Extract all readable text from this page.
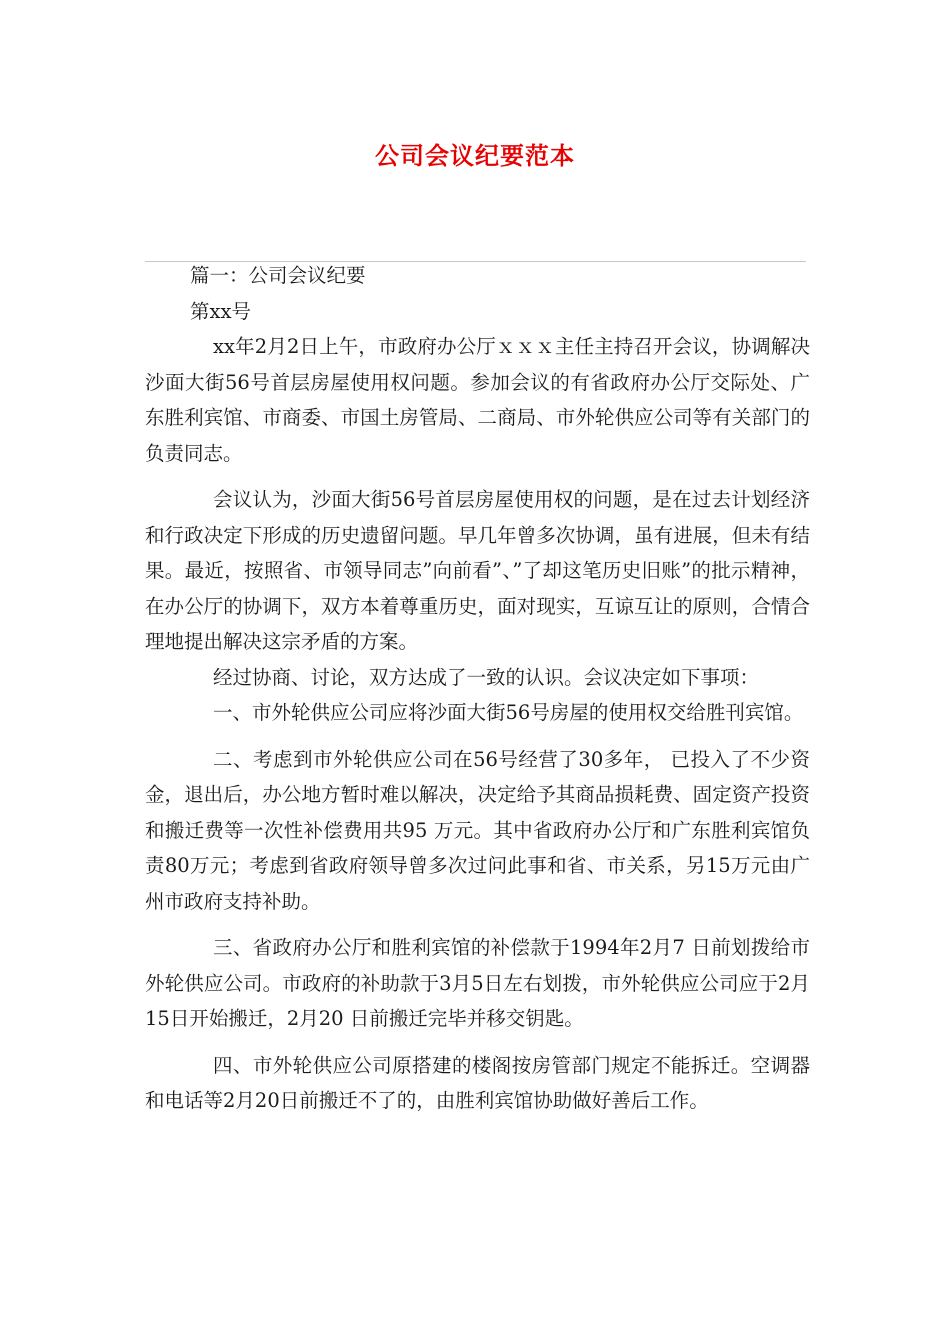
公司会议纪要范本

篇一：公司会议纪要

第xx号

xx年2月2日上午，市政府办公厅ｘｘｘ主任主持召开会议，协调解决沙面大街56号首层房屋使用权问题。参加会议的有省政府办公厅交际处、广东胜利宾馆、市商委、市国土房管局、二商局、市外轮供应公司等有关部门的负责同志。

会议认为，沙面大街56号首层房屋使用权的问题，是在过去计划经济和行政决定下形成的历史遗留问题。早几年曾多次协调，虽有进展，但未有结果。最近，按照省、市领导同志”向前看”、”了却这笔历史旧账”的批示精神，在办公厅的协调下，双方本着尊重历史，面对现实，互谅互让的原则，合情合理地提出解决这宗矛盾的方案。

经过协商、讨论，双方达成了一致的认识。会议决定如下事项：

一、市外轮供应公司应将沙面大街56号房屋的使用权交给胜刊宾馆。

二、考虑到市外轮供应公司在56号经营了30多年， 已投入了不少资金，退出后，办公地方暂时难以解决，决定给予其商品损耗费、固定资产投资和搬迁费等一次性补偿费用共95 万元。其中省政府办公厅和广东胜利宾馆负责80万元；考虑到省政府领导曾多次过问此事和省、市关系，另15万元由广州市政府支持补助。

三、省政府办公厅和胜利宾馆的补偿款于1994年2月7 日前划拨给市外轮供应公司。市政府的补助款于3月5日左右划拨，市外轮供应公司应于2月15日开始搬迁，2月20 日前搬迁完毕并移交钥匙。

四、市外轮供应公司原搭建的楼阁按房管部门规定不能拆迁。空调器和电话等2月20日前搬迁不了的，由胜利宾馆协助做好善后工作。
